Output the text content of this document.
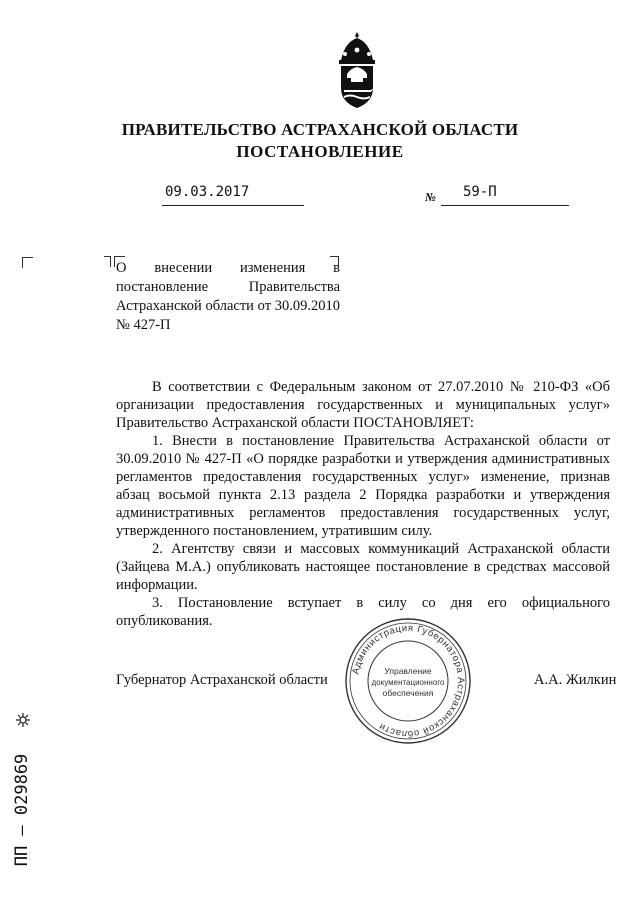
ПРАВИТЕЛЬСТВО АСТРАХАНСКОЙ ОБЛАСТИ
ПОСТАНОВЛЕНИЕ
09.03.2017	№ 59-П
О внесении изменения в постановление Правительства Астраханской области от 30.09.2010 № 427-П

В соответствии с Федеральным законом от 27.07.2010 № 210-ФЗ «Об организации предоставления государственных и муниципальных услуг» Правительство Астраханской области ПОСТАНОВЛЯЕТ:

1. Внести в постановление Правительства Астраханской области от 30.09.2010 № 427-П «О порядке разработки и утверждения административных регламентов предоставления государственных услуг» изменение, признав абзац восьмой пункта 2.13 раздела 2 Порядка разработки и утверждения административных регламентов предоставления государственных услуг, утвержденного постановлением, утратившим силу.

2. Агентству связи и массовых коммуникаций Астраханской области (Зайцева М.А.) опубликовать настоящее постановление в средствах массовой информации.

3. Постановление вступает в силу со дня его официального опубликования.

Губернатор Астраханской области	А.А. Жилкин
Администрация Губернатора Астраханской области
Управление
документационного
обеспечения
ПП – 029869
